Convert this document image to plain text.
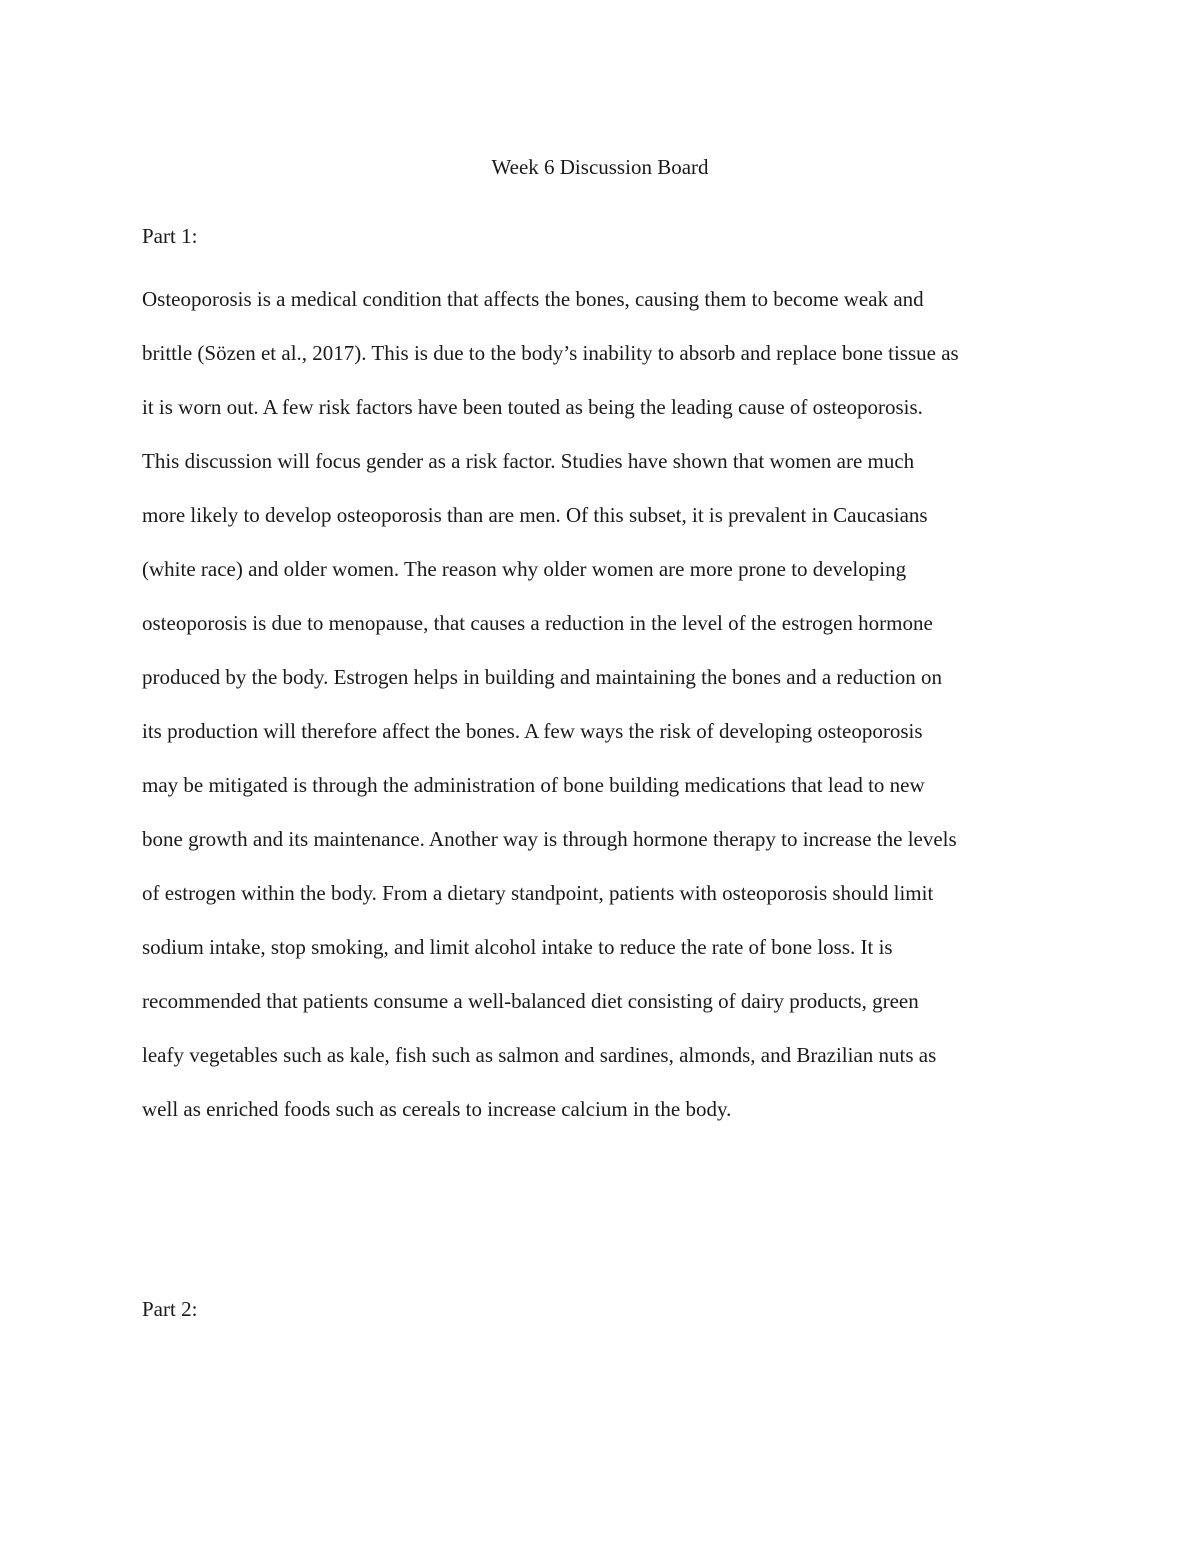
Week 6 Discussion Board
Part 1:
Osteoporosis is a medical condition that affects the bones, causing them to become weak and
brittle (Sözen et al., 2017). This is due to the body’s inability to absorb and replace bone tissue as
it is worn out. A few risk factors have been touted as being the leading cause of osteoporosis.
This discussion will focus gender as a risk factor. Studies have shown that women are much
more likely to develop osteoporosis than are men. Of this subset, it is prevalent in Caucasians
(white race) and older women. The reason why older women are more prone to developing
osteoporosis is due to menopause, that causes a reduction in the level of the estrogen hormone
produced by the body. Estrogen helps in building and maintaining the bones and a reduction on
its production will therefore affect the bones. A few ways the risk of developing osteoporosis
may be mitigated is through the administration of bone building medications that lead to new
bone growth and its maintenance. Another way is through hormone therapy to increase the levels
of estrogen within the body. From a dietary standpoint, patients with osteoporosis should limit
sodium intake, stop smoking, and limit alcohol intake to reduce the rate of bone loss. It is
recommended that patients consume a well-balanced diet consisting of dairy products, green
leafy vegetables such as kale, fish such as salmon and sardines, almonds, and Brazilian nuts as
well as enriched foods such as cereals to increase calcium in the body.
Part 2:
